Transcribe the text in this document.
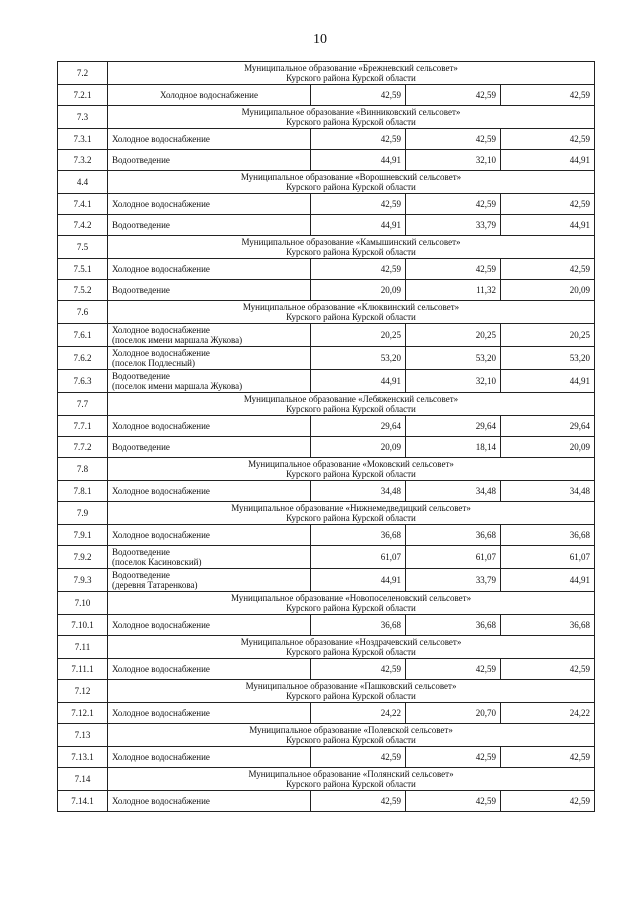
10
7.2	Муниципальное образование «Брежневский сельсовет»
Курского района Курской области			

7.2.1	Холодное водоснабжение	42,59	42,59	42,59
7.3	Муниципальное образование «Винниковский сельсовет»
Курского района Курской области			

7.3.1	Холодное водоснабжение	42,59	42,59	42,59
7.3.2	Водоотведение	44,91	32,10	44,91
4.4	Муниципальное образование «Ворошневский сельсовет»
Курского района Курской области			

7.4.1	Холодное водоснабжение	42,59	42,59	42,59
7.4.2	Водоотведение	44,91	33,79	44,91
7.5	Муниципальное образование «Камышинский сельсовет»
Курского района Курской области			

7.5.1	Холодное водоснабжение	42,59	42,59	42,59
7.5.2	Водоотведение	20,09	11,32	20,09
7.6	Муниципальное образование «Клюквинский сельсовет»
Курского района Курской области			

7.6.1	Холодное водоснабжение
(поселок имени маршала Жукова)	20,25	20,25	20,25
7.6.2	Холодное водоснабжение
(поселок Подлесный)	53,20	53,20	53,20
7.6.3	Водоотведение
(поселок имени маршала Жукова)	44,91	32,10	44,91
7.7	Муниципальное образование «Лебяженский сельсовет»
Курского района Курской области			

7.7.1	Холодное водоснабжение	29,64	29,64	29,64
7.7.2	Водоотведение	20,09	18,14	20,09
7.8	Муниципальное образование «Моковский сельсовет»
Курского района Курской области			

7.8.1	Холодное водоснабжение	34,48	34,48	34,48
7.9	Муниципальное образование «Нижнемедведицкий сельсовет»
Курского района Курской области			

7.9.1	Холодное водоснабжение	36,68	36,68	36,68
7.9.2	Водоотведение
(поселок Касиновский)	61,07	61,07	61,07
7.9.3	Водоотведение
(деревня Татаренкова)	44,91	33,79	44,91
7.10	Муниципальное образование «Новопоселеновский сельсовет»
Курского района Курской области			

7.10.1	Холодное водоснабжение	36,68	36,68	36,68
7.11	Муниципальное образование «Ноздрачевский сельсовет»
Курского района Курской области			

7.11.1	Холодное водоснабжение	42,59	42,59	42,59
7.12	Муниципальное образование «Пашковский сельсовет»
Курского района Курской области			

7.12.1	Холодное водоснабжение	24,22	20,70	24,22
7.13	Муниципальное образование «Полевской сельсовет»
Курского района Курской области			

7.13.1	Холодное водоснабжение	42,59	42,59	42,59
7.14	Муниципальное образование «Полянский сельсовет»
Курского района Курской области			

7.14.1	Холодное водоснабжение	42,59	42,59	42,59
